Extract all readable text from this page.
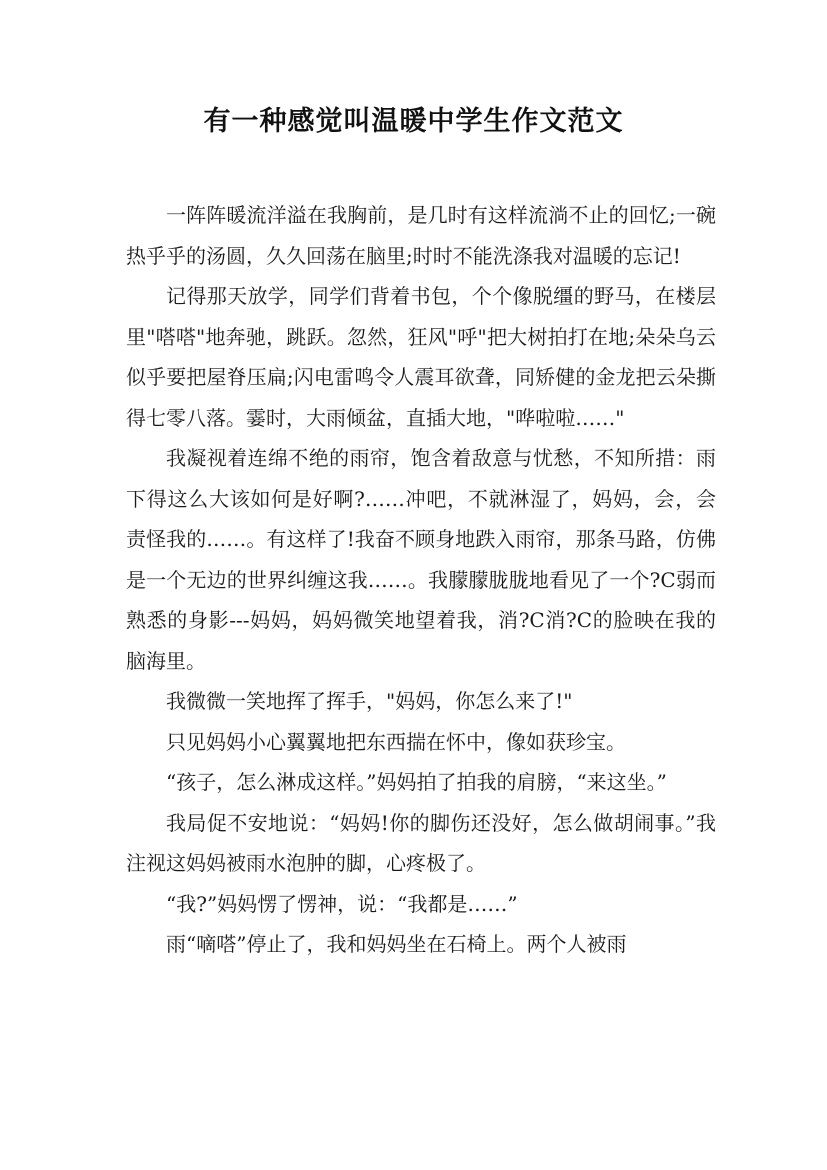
有一种感觉叫温暖中学生作文范文

一阵阵暖流洋溢在我胸前，是几时有这样流淌不止的回忆;一碗热乎乎的汤圆，久久回荡在脑里;时时不能洗涤我对温暖的忘记!

记得那天放学，同学们背着书包，个个像脱缰的野马，在楼层里"嗒嗒"地奔驰，跳跃。忽然，狂风"呼"把大树拍打在地;朵朵乌云似乎要把屋脊压扁;闪电雷鸣令人震耳欲聋，同矫健的金龙把云朵撕得七零八落。霎时，大雨倾盆，直插大地，"哗啦啦……"

我凝视着连绵不绝的雨帘，饱含着敌意与忧愁，不知所措：雨下得这么大该如何是好啊?……冲吧，不就淋湿了，妈妈，会，会责怪我的……。有这样了!我奋不顾身地跌入雨帘，那条马路，仿佛是一个无边的世界纠缠这我……。我朦朦胧胧地看见了一个?C弱而熟悉的身影---妈妈，妈妈微笑地望着我，消?C消?C的脸映在我的脑海里。

我微微一笑地挥了挥手，"妈妈，你怎么来了!"

只见妈妈小心翼翼地把东西揣在怀中，像如获珍宝。

“孩子，怎么淋成这样。”妈妈拍了拍我的肩膀，“来这坐。”

我局促不安地说：“妈妈!你的脚伤还没好，怎么做胡闹事。”我注视这妈妈被雨水泡肿的脚，心疼极了。

“我?”妈妈愣了愣神，说：“我都是……”

雨“嘀嗒”停止了，我和妈妈坐在石椅上。两个人被雨
